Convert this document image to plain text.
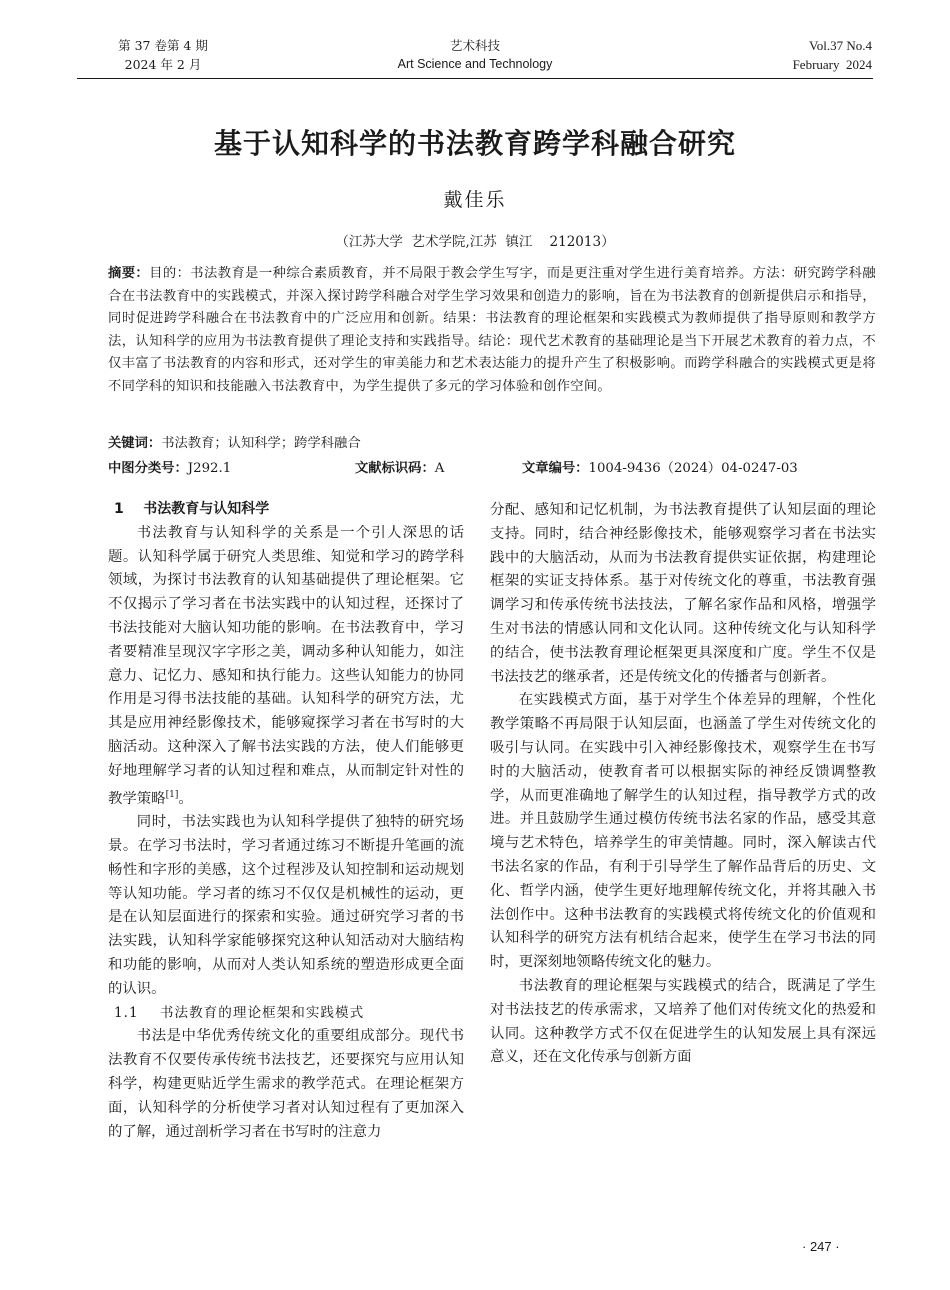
第 37 卷第 4 期
2024 年 2 月
艺术科技
Art Science and Technology
Vol.37 No.4
February  2024
基于认知科学的书法教育跨学科融合研究
戴佳乐
（江苏大学  艺术学院,江苏  镇江    212013）

摘要：目的：书法教育是一种综合素质教育，并不局限于教会学生写字，而是更注重对学生进行美育培养。方法：研究跨学科融合在书法教育中的实践模式，并深入探讨跨学科融合对学生学习效果和创造力的影响，旨在为书法教育的创新提供启示和指导，同时促进跨学科融合在书法教育中的广泛应用和创新。结果：书法教育的理论框架和实践模式为教师提供了指导原则和教学方法，认知科学的应用为书法教育提供了理论支持和实践指导。结论：现代艺术教育的基础理论是当下开展艺术教育的着力点，不仅丰富了书法教育的内容和形式，还对学生的审美能力和艺术表达能力的提升产生了积极影响。而跨学科融合的实践模式更是将不同学科的知识和技能融入书法教育中，为学生提供了多元的学习体验和创作空间。

关键词：书法教育；认知科学；跨学科融合
中图分类号：J292.1	文献标识码：A	文章编号：1004-9436（2024）04-0247-03

1    书法教育与认知科学

书法教育与认知科学的关系是一个引人深思的话题。认知科学属于研究人类思维、知觉和学习的跨学科领域，为探讨书法教育的认知基础提供了理论框架。它不仅揭示了学习者在书法实践中的认知过程，还探讨了书法技能对大脑认知功能的影响。在书法教育中，学习者要精准呈现汉字字形之美，调动多种认知能力，如注意力、记忆力、感知和执行能力。这些认知能力的协同作用是习得书法技能的基础。认知科学的研究方法，尤其是应用神经影像技术，能够窥探学习者在书写时的大脑活动。这种深入了解书法实践的方法，使人们能够更好地理解学习者的认知过程和难点，从而制定针对性的教学策略[1]。

同时，书法实践也为认知科学提供了独特的研究场景。在学习书法时，学习者通过练习不断提升笔画的流畅性和字形的美感，这个过程涉及认知控制和运动规划等认知功能。学习者的练习不仅仅是机械性的运动，更是在认知层面进行的探索和实验。通过研究学习者的书法实践，认知科学家能够探究这种认知活动对大脑结构和功能的影响，从而对人类认知系统的塑造形成更全面的认识。

1.1    书法教育的理论框架和实践模式

书法是中华优秀传统文化的重要组成部分。现代书法教育不仅要传承传统书法技艺，还要探究与应用认知科学，构建更贴近学生需求的教学范式。在理论框架方面，认知科学的分析使学习者对认知过程有了更加深入的了解，通过剖析学习者在书写时的注意力

分配、感知和记忆机制，为书法教育提供了认知层面的理论支持。同时，结合神经影像技术，能够观察学习者在书法实践中的大脑活动，从而为书法教育提供实证依据，构建理论框架的实证支持体系。基于对传统文化的尊重，书法教育强调学习和传承传统书法技法，了解名家作品和风格，增强学生对书法的情感认同和文化认同。这种传统文化与认知科学的结合，使书法教育理论框架更具深度和广度。学生不仅是书法技艺的继承者，还是传统文化的传播者与创新者。

在实践模式方面，基于对学生个体差异的理解，个性化教学策略不再局限于认知层面，也涵盖了学生对传统文化的吸引与认同。在实践中引入神经影像技术，观察学生在书写时的大脑活动，使教育者可以根据实际的神经反馈调整教学，从而更准确地了解学生的认知过程，指导教学方式的改进。并且鼓励学生通过模仿传统书法名家的作品，感受其意境与艺术特色，培养学生的审美情趣。同时，深入解读古代书法名家的作品，有利于引导学生了解作品背后的历史、文化、哲学内涵，使学生更好地理解传统文化，并将其融入书法创作中。这种书法教育的实践模式将传统文化的价值观和认知科学的研究方法有机结合起来，使学生在学习书法的同时，更深刻地领略传统文化的魅力。

书法教育的理论框架与实践模式的结合，既满足了学生对书法技艺的传承需求，又培养了他们对传统文化的热爱和认同。这种教学方式不仅在促进学生的认知发展上具有深远意义，还在文化传承与创新方面

· 247 ·
